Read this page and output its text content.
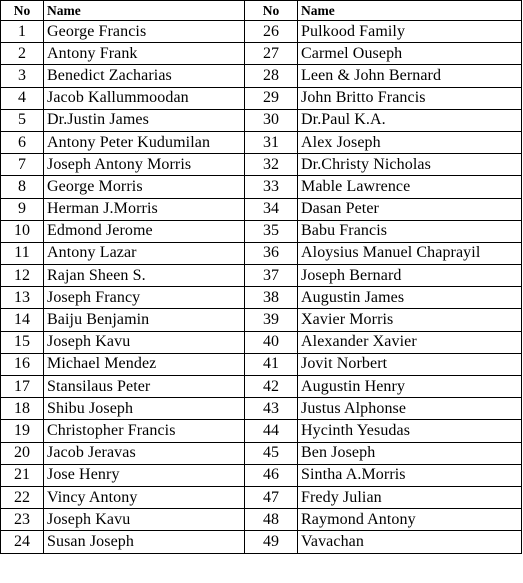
No	Name	No	Name
1	George Francis	26	Pulkood Family
2	Antony Frank	27	Carmel Ouseph
3	Benedict Zacharias	28	Leen & John Bernard
4	Jacob Kallummoodan	29	John Britto Francis
5	Dr.Justin James	30	Dr.Paul K.A.
6	Antony Peter Kudumilan	31	Alex Joseph
7	Joseph Antony Morris	32	Dr.Christy Nicholas
8	George Morris	33	Mable Lawrence
9	Herman J.Morris	34	Dasan Peter
10	Edmond Jerome	35	Babu Francis
11	Antony Lazar	36	Aloysius Manuel Chaprayil
12	Rajan Sheen S.	37	Joseph Bernard
13	Joseph Francy	38	Augustin James
14	Baiju Benjamin	39	Xavier Morris
15	Joseph Kavu	40	Alexander Xavier
16	Michael Mendez	41	Jovit Norbert
17	Stansilaus Peter	42	Augustin Henry
18	Shibu Joseph	43	Justus Alphonse
19	Christopher Francis	44	Hycinth Yesudas
20	Jacob Jeravas	45	Ben Joseph
21	Jose Henry	46	Sintha A.Morris
22	Vincy Antony	47	Fredy Julian
23	Joseph Kavu	48	Raymond Antony
24	Susan Joseph	49	Vavachan
